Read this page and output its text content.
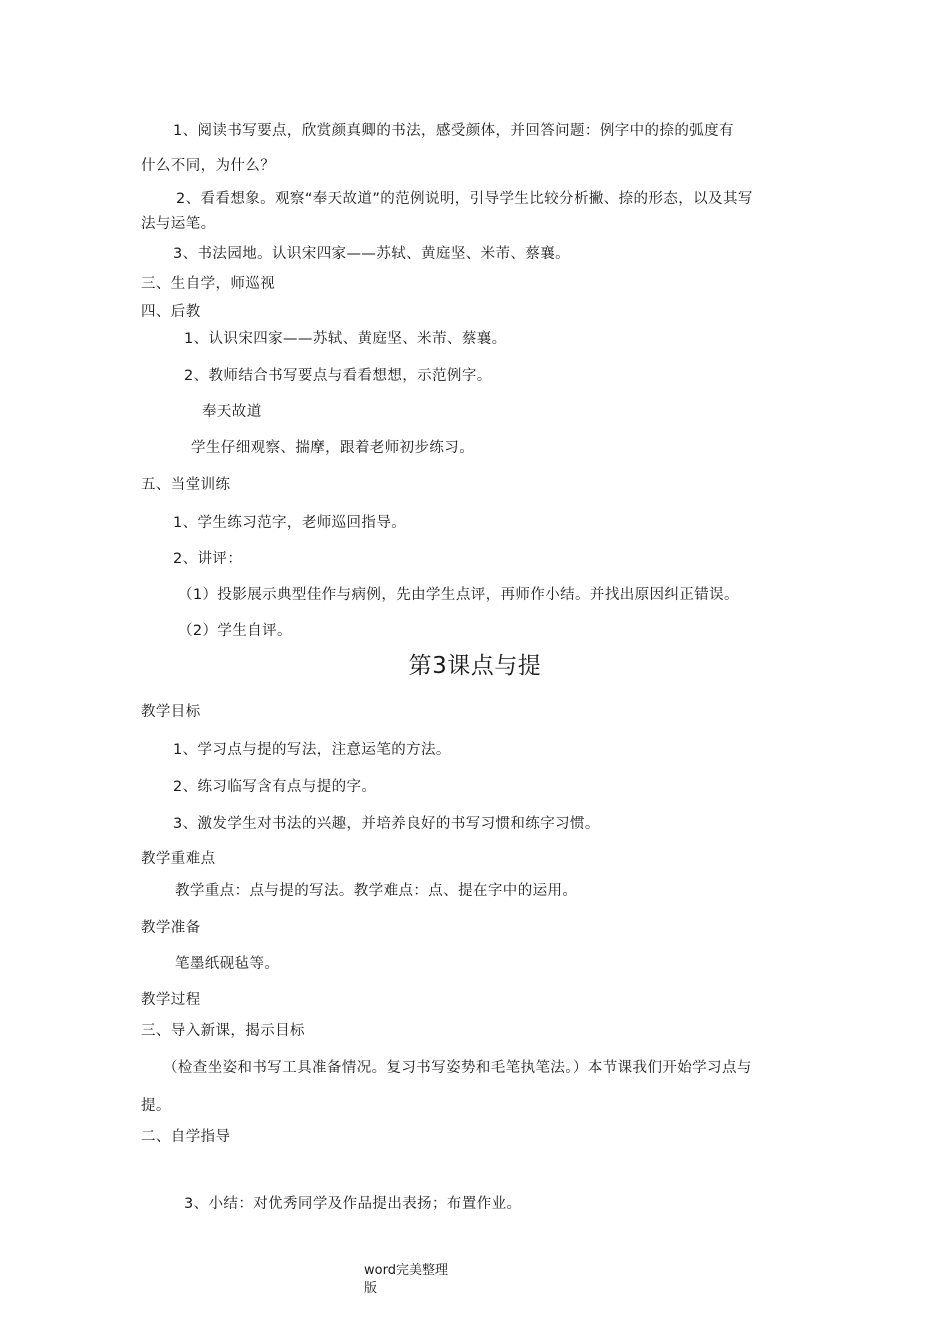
1、阅读书写要点，欣赏颜真卿的书法，感受颜体，并回答问题：例字中的捺的弧度有
什么不同，为什么？
2、看看想象。观察“奉天故道”的范例说明，引导学生比较分析撇、捺的形态，以及其写
法与运笔。
3、书法园地。认识宋四家——苏轼、黄庭坚、米芾、蔡襄。
三、生自学，师巡视
四、后教
1、认识宋四家——苏轼、黄庭坚、米芾、蔡襄。
2、教师结合书写要点与看看想想，示范例字。
奉天故道
学生仔细观察、揣摩，跟着老师初步练习。
五、当堂训练
1、学生练习范字，老师巡回指导。
2、讲评：
（1）投影展示典型佳作与病例，先由学生点评，再师作小结。并找出原因纠正错误。
（2）学生自评。
第3课点与提
教学目标
1、学习点与提的写法，注意运笔的方法。
2、练习临写含有点与提的字。
3、激发学生对书法的兴趣，并培养良好的书写习惯和练字习惯。
教学重难点
教学重点：点与提的写法。教学难点：点、提在字中的运用。
教学准备
笔墨纸砚毡等。
教学过程
三、导入新课，揭示目标
（检查坐姿和书写工具准备情况。复习书写姿势和毛笔执笔法。）本节课我们开始学习点与
提。
二、自学指导
3、小结：对优秀同学及作品提出表扬；布置作业。
word完美整理
版
